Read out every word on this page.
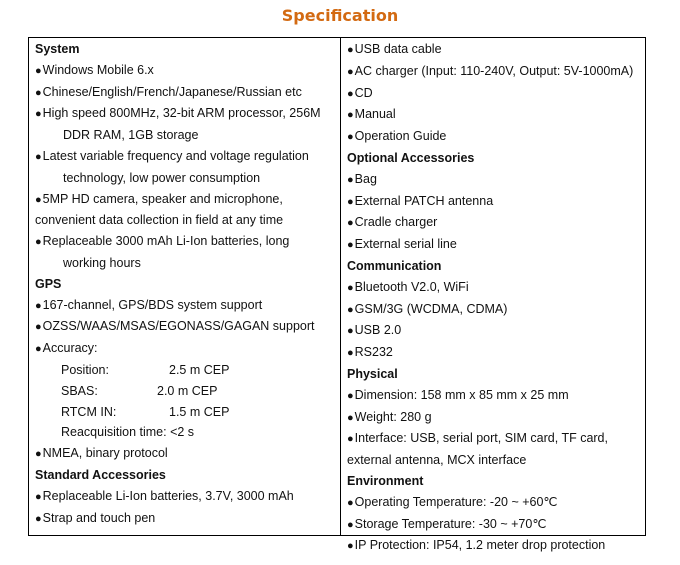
Specification
System
● Windows Mobile 6.x
● Chinese/English/French/Japanese/Russian etc
● High speed 800MHz, 32-bit ARM processor, 256M
DDR RAM, 1GB storage
● Latest variable frequency and voltage regulation
technology, low power consumption
● 5MP HD camera, speaker and microphone,
convenient data collection in field at any time
● Replaceable 3000 mAh Li-Ion batteries, long
working hours
GPS
● 167-channel, GPS/BDS system support
● OZSS/WAAS/MSAS/EGONASS/GAGAN support
● Accuracy:
Position:	2.5 m CEP
SBAS:	2.0 m CEP
RTCM IN:	1.5 m CEP
Reacquisition time: <2 s
● NMEA, binary protocol
Standard Accessories
● Replaceable Li-Ion batteries, 3.7V, 3000 mAh
● Strap and touch pen
● USB data cable
● AC charger (Input: 110-240V, Output: 5V-1000mA)
● CD
● Manual
● Operation Guide
Optional Accessories
● Bag
● External PATCH antenna
● Cradle charger
● External serial line
Communication
● Bluetooth V2.0, WiFi
● GSM/3G (WCDMA, CDMA)
● USB 2.0
● RS232
Physical
● Dimension: 158 mm x 85 mm x 25 mm
● Weight: 280 g
● Interface: USB, serial port, SIM card, TF card,
external antenna, MCX interface
Environment
● Operating Temperature: -20 ~ +60℃
● Storage Temperature: -30 ~ +70℃
● IP Protection: IP54, 1.2 meter drop protection
